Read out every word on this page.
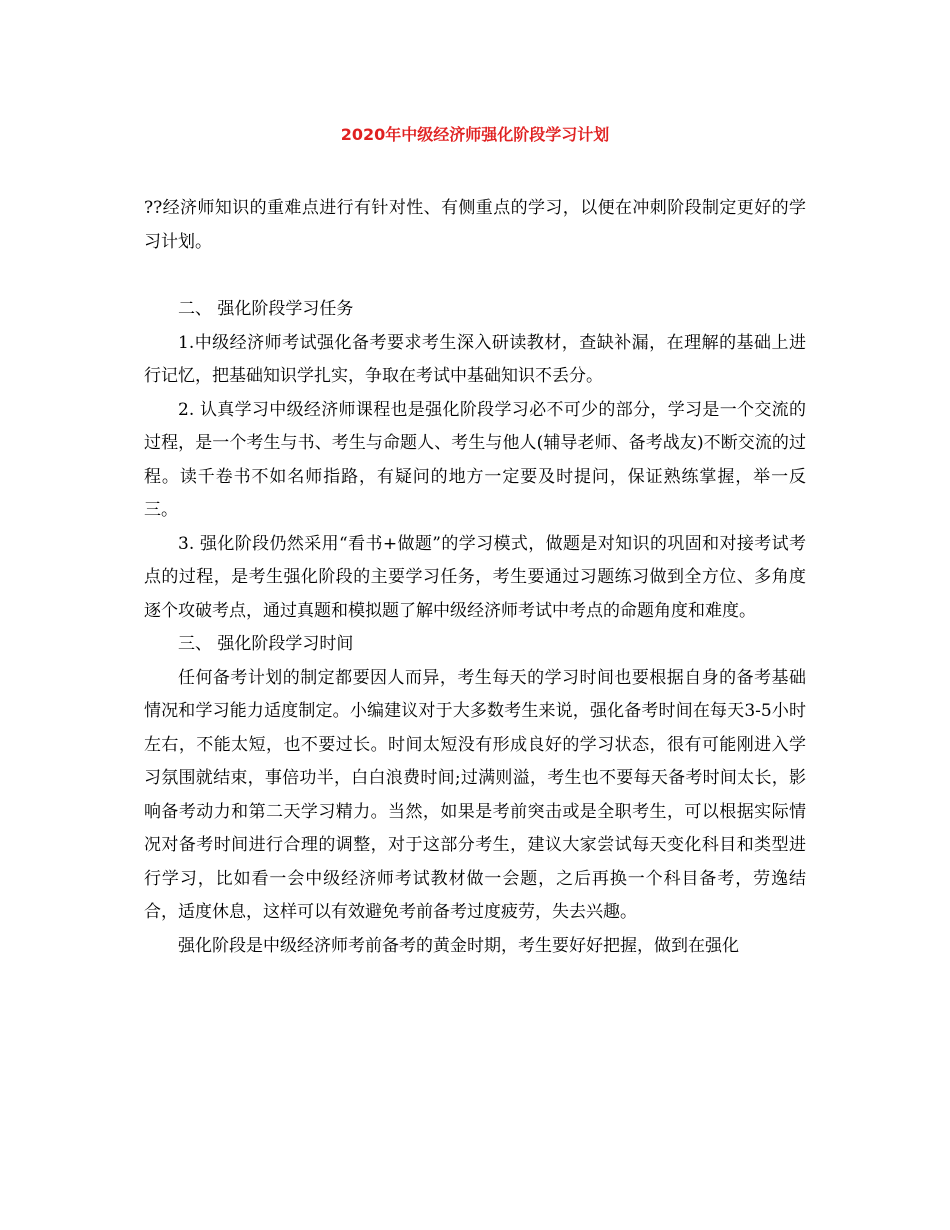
2020年中级经济师强化阶段学习计划

??经济师知识的重难点进行有针对性、有侧重点的学习，以便在冲刺阶段制定更好的学习计划。

二、 强化阶段学习任务

1.中级经济师考试强化备考要求考生深入研读教材，查缺补漏，在理解的基础上进行记忆，把基础知识学扎实，争取在考试中基础知识不丢分。

2. 认真学习中级经济师课程也是强化阶段学习必不可少的部分，学习是一个交流的过程，是一个考生与书、考生与命题人、考生与他人(辅导老师、备考战友)不断交流的过程。读千卷书不如名师指路，有疑问的地方一定要及时提问，保证熟练掌握，举一反三。

3. 强化阶段仍然采用“看书+做题”的学习模式，做题是对知识的巩固和对接考试考点的过程，是考生强化阶段的主要学习任务，考生要通过习题练习做到全方位、多角度逐个攻破考点，通过真题和模拟题了解中级经济师考试中考点的命题角度和难度。

三、 强化阶段学习时间

任何备考计划的制定都要因人而异，考生每天的学习时间也要根据自身的备考基础情况和学习能力适度制定。小编建议对于大多数考生来说，强化备考时间在每天3-5小时左右，不能太短，也不要过长。时间太短没有形成良好的学习状态，很有可能刚进入学习氛围就结束，事倍功半，白白浪费时间;过满则溢，考生也不要每天备考时间太长，影响备考动力和第二天学习精力。当然，如果是考前突击或是全职考生，可以根据实际情况对备考时间进行合理的调整，对于这部分考生，建议大家尝试每天变化科目和类型进行学习，比如看一会中级经济师考试教材做一会题，之后再换一个科目备考，劳逸结合，适度休息，这样可以有效避免考前备考过度疲劳，失去兴趣。

强化阶段是中级经济师考前备考的黄金时期，考生要好好把握，做到在强化
